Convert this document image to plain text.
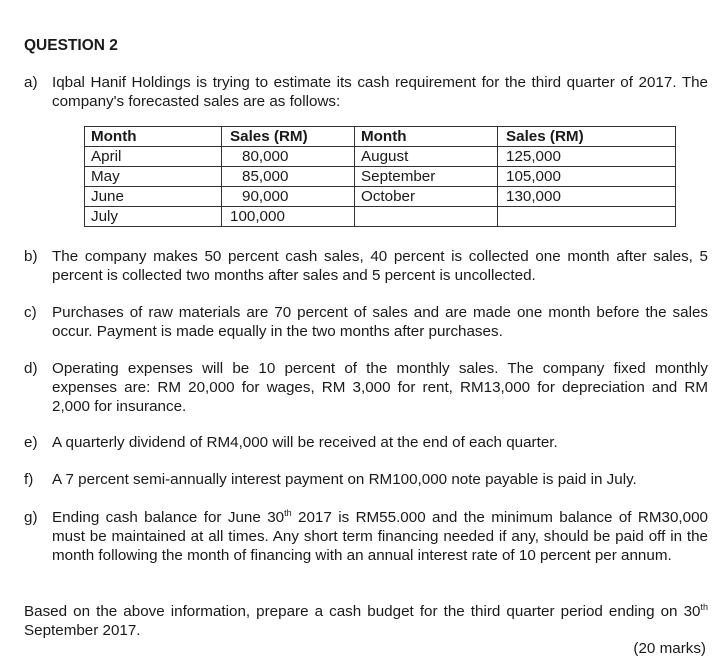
QUESTION 2
a) Iqbal Hanif Holdings is trying to estimate its cash requirement for the third quarter of 2017. The company's forecasted sales are as follows:
Month	Sales (RM)	Month	Sales (RM)
April	80,000	August	125,000
May	85,000	September	105,000
June	90,000	October	130,000
July	100,000		
b) The company makes 50 percent cash sales, 40 percent is collected one month after sales, 5 percent is collected two months after sales and 5 percent is uncollected.
c) Purchases of raw materials are 70 percent of sales and are made one month before the sales occur. Payment is made equally in the two months after purchases.
d) Operating expenses will be 10 percent of the monthly sales. The company fixed monthly expenses are: RM 20,000 for wages, RM 3,000 for rent, RM13,000 for depreciation and RM 2,000 for insurance.
e) A quarterly dividend of RM4,000 will be received at the end of each quarter.
f) A 7 percent semi-annually interest payment on RM100,000 note payable is paid in July.
g) Ending cash balance for June 30th 2017 is RM55.000 and the minimum balance of RM30,000 must be maintained at all times. Any short term financing needed if any, should be paid off in the month following the month of financing with an annual interest rate of 10 percent per annum.
Based on the above information, prepare a cash budget for the third quarter period ending on 30th September 2017.
(20 marks)
